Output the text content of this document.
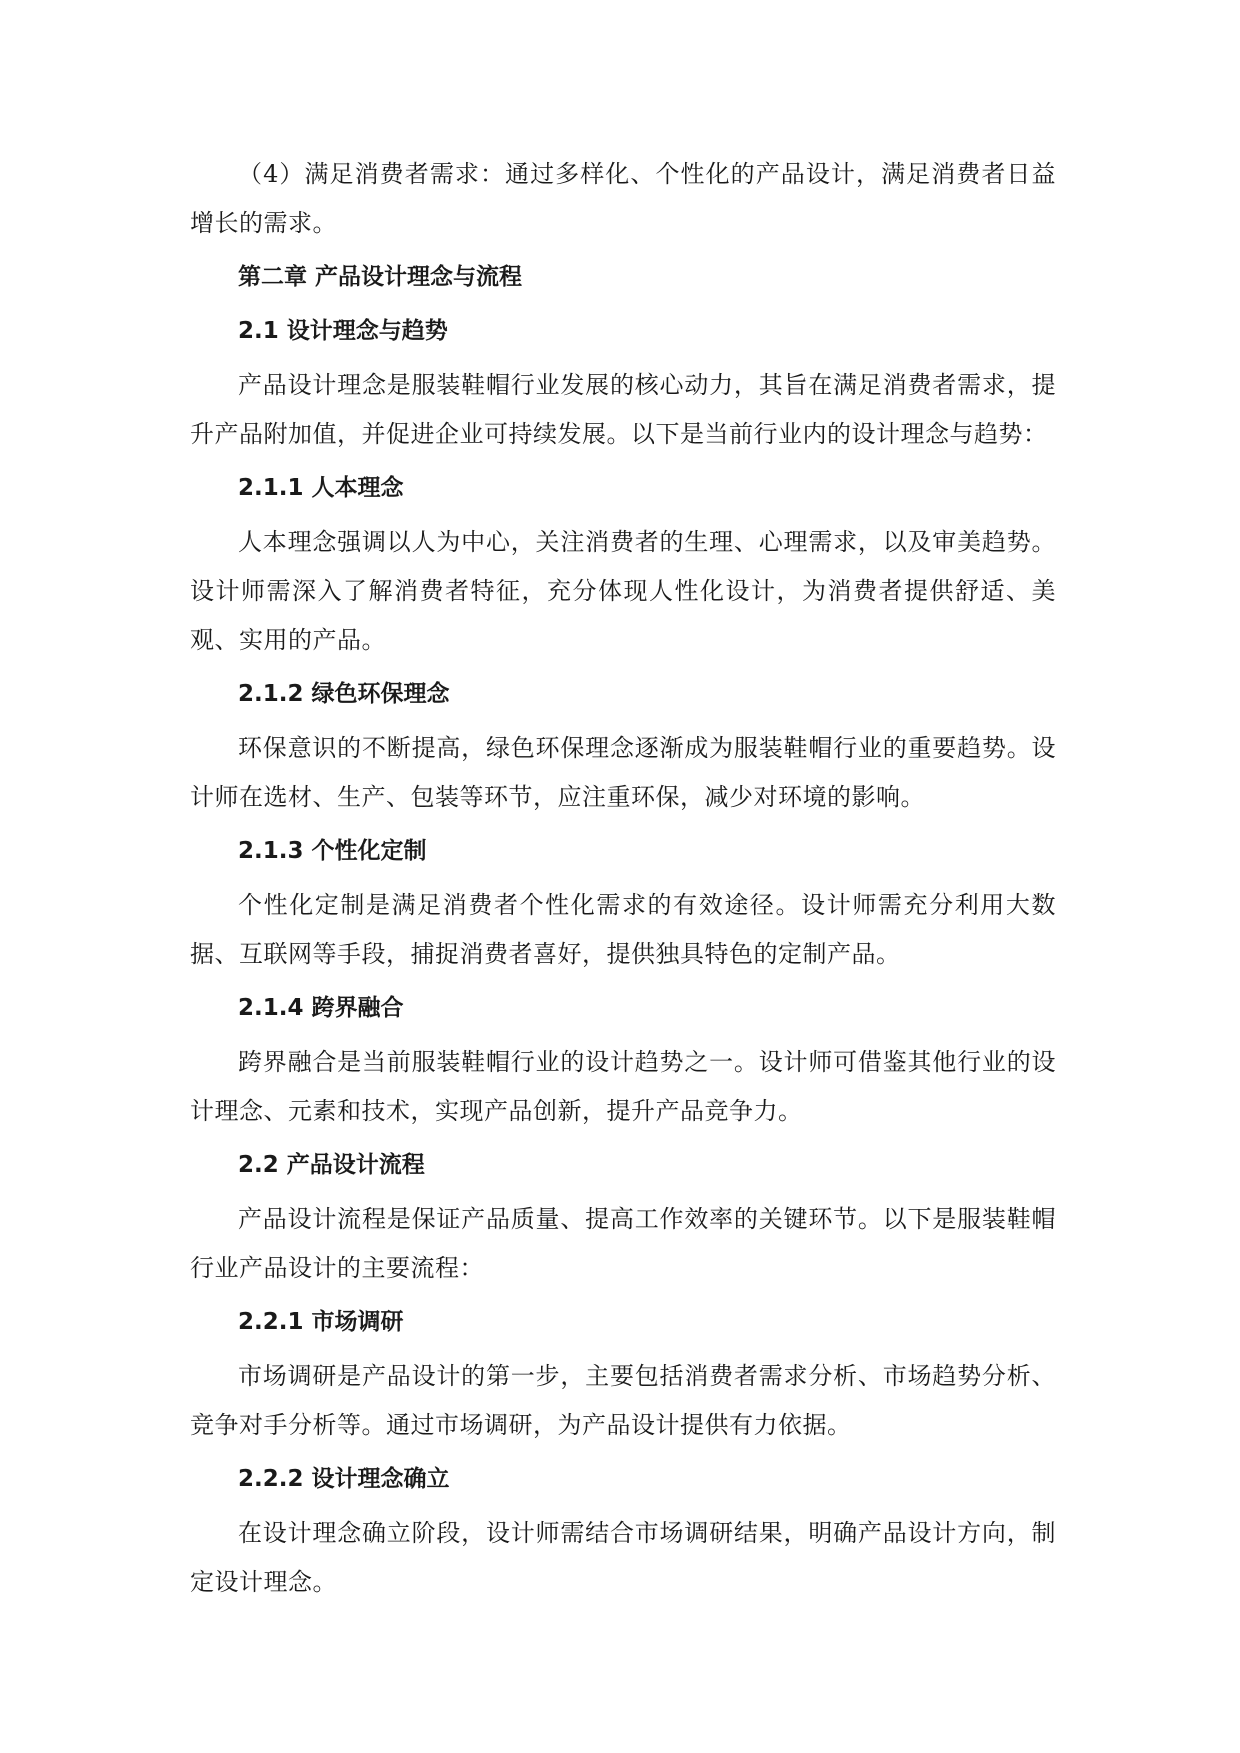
（4）满足消费者需求：通过多样化、个性化的产品设计，满足消费者日益增长的需求。

第二章 产品设计理念与流程
2.1 设计理念与趋势

产品设计理念是服装鞋帽行业发展的核心动力，其旨在满足消费者需求，提升产品附加值，并促进企业可持续发展。以下是当前行业内的设计理念与趋势：

2.1.1 人本理念

人本理念强调以人为中心，关注消费者的生理、心理需求，以及审美趋势。设计师需深入了解消费者特征，充分体现人性化设计，为消费者提供舒适、美观、实用的产品。

2.1.2 绿色环保理念

环保意识的不断提高，绿色环保理念逐渐成为服装鞋帽行业的重要趋势。设计师在选材、生产、包装等环节，应注重环保，减少对环境的影响。

2.1.3 个性化定制

个性化定制是满足消费者个性化需求的有效途径。设计师需充分利用大数据、互联网等手段，捕捉消费者喜好，提供独具特色的定制产品。

2.1.4 跨界融合

跨界融合是当前服装鞋帽行业的设计趋势之一。设计师可借鉴其他行业的设计理念、元素和技术，实现产品创新，提升产品竞争力。

2.2 产品设计流程

产品设计流程是保证产品质量、提高工作效率的关键环节。以下是服装鞋帽行业产品设计的主要流程：

2.2.1 市场调研

市场调研是产品设计的第一步，主要包括消费者需求分析、市场趋势分析、竞争对手分析等。通过市场调研，为产品设计提供有力依据。

2.2.2 设计理念确立

在设计理念确立阶段，设计师需结合市场调研结果，明确产品设计方向，制定设计理念。
